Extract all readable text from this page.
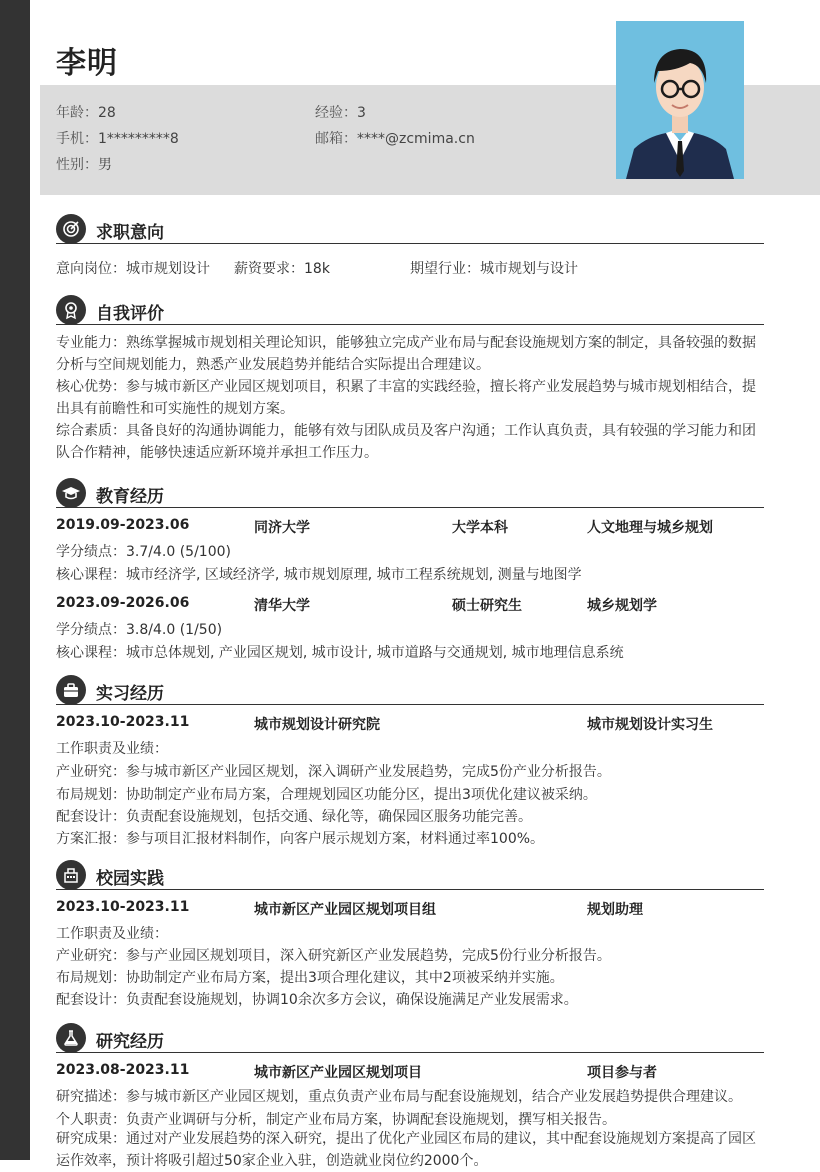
李明
年龄：28	经验：3
手机：1*********8	邮箱：****@zcmima.cn
性别：男
求职意向
意向岗位：城市规划设计 薪资要求：18k	期望行业：城市规划与设计
自我评价
专业能力：熟练掌握城市规划相关理论知识，能够独立完成产业布局与配套设施规划方案的制定，具备较强的数据分析与空间规划能力，熟悉产业发展趋势并能结合实际提出合理建议。
核心优势：参与城市新区产业园区规划项目，积累了丰富的实践经验，擅长将产业发展趋势与城市规划相结合，提出具有前瞻性和可实施性的规划方案。
综合素质：具备良好的沟通协调能力，能够有效与团队成员及客户沟通；工作认真负责，具有较强的学习能力和团队合作精神，能够快速适应新环境并承担工作压力。
教育经历
2019.09-2023.06	同济大学	大学本科	人文地理与城乡规划
学分绩点：3.7/4.0 (5/100)
核心课程：城市经济学, 区域经济学, 城市规划原理, 城市工程系统规划, 测量与地图学
2023.09-2026.06	清华大学	硕士研究生	城乡规划学
学分绩点：3.8/4.0 (1/50)
核心课程：城市总体规划, 产业园区规划, 城市设计, 城市道路与交通规划, 城市地理信息系统
实习经历
2023.10-2023.11	城市规划设计研究院	城市规划设计实习生
工作职责及业绩：
产业研究：参与城市新区产业园区规划，深入调研产业发展趋势，完成5份产业分析报告。
布局规划：协助制定产业布局方案，合理规划园区功能分区，提出3项优化建议被采纳。
配套设计：负责配套设施规划，包括交通、绿化等，确保园区服务功能完善。
方案汇报：参与项目汇报材料制作，向客户展示规划方案，材料通过率100%。
校园实践
2023.10-2023.11	城市新区产业园区规划项目组	规划助理
工作职责及业绩：
产业研究：参与产业园区规划项目，深入研究新区产业发展趋势，完成5份行业分析报告。
布局规划：协助制定产业布局方案，提出3项合理化建议，其中2项被采纳并实施。
配套设计：负责配套设施规划，协调10余次多方会议，确保设施满足产业发展需求。
研究经历
2023.08-2023.11	城市新区产业园区规划项目	项目参与者
研究描述：参与城市新区产业园区规划，重点负责产业布局与配套设施规划，结合产业发展趋势提供合理建议。
个人职责：负责产业调研与分析，制定产业布局方案，协调配套设施规划，撰写相关报告。
研究成果：通过对产业发展趋势的深入研究，提出了优化产业园区布局的建议，其中配套设施规划方案提高了园区运作效率，预计将吸引超过50家企业入驻，创造就业岗位约2000个。
